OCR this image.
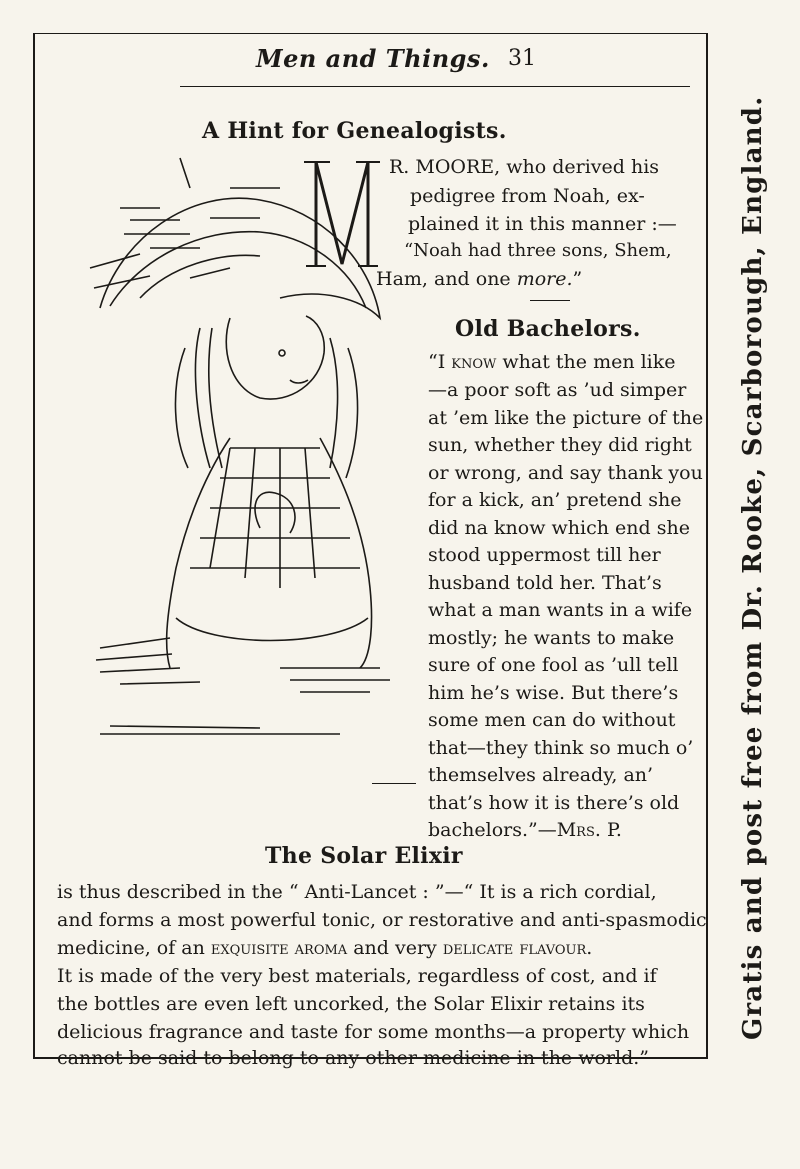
Men and Things. 31
A Hint for Genealogists.
R. MOORE, who derived his
pedigree from Noah, ex-
plained it in this manner :—
“Noah had three sons, Shem,
Ham, and one more.”
Old Bachelors.
“I know what the men like
—a poor soft as ’ud simper
at ’em like the picture of the
sun, whether they did right
or wrong, and say thank you
for a kick, an’ pretend she
did na know which end she
stood uppermost till her
husband told her. That’s
what a man wants in a wife
mostly; he wants to make
sure of one fool as ’ull tell
him he’s wise. But there’s
some men can do without
that—they think so much o’
themselves already, an’
that’s how it is there’s old
bachelors.”—Mrs. P.
The Solar Elixir
is thus described in the “ Anti-Lancet : ”—“ It is a rich cordial,
and forms a most powerful tonic, or restorative and anti-spasmodic
medicine, of an exquisite aroma and very delicate flavour.
It is made of the very best materials, regardless of cost, and if
the bottles are even left uncorked, the Solar Elixir retains its
delicious fragrance and taste for some months—a property which
cannot be said to belong to any other medicine in the world.”
Gratis and post free from Dr. Rooke, Scarborough, England.
